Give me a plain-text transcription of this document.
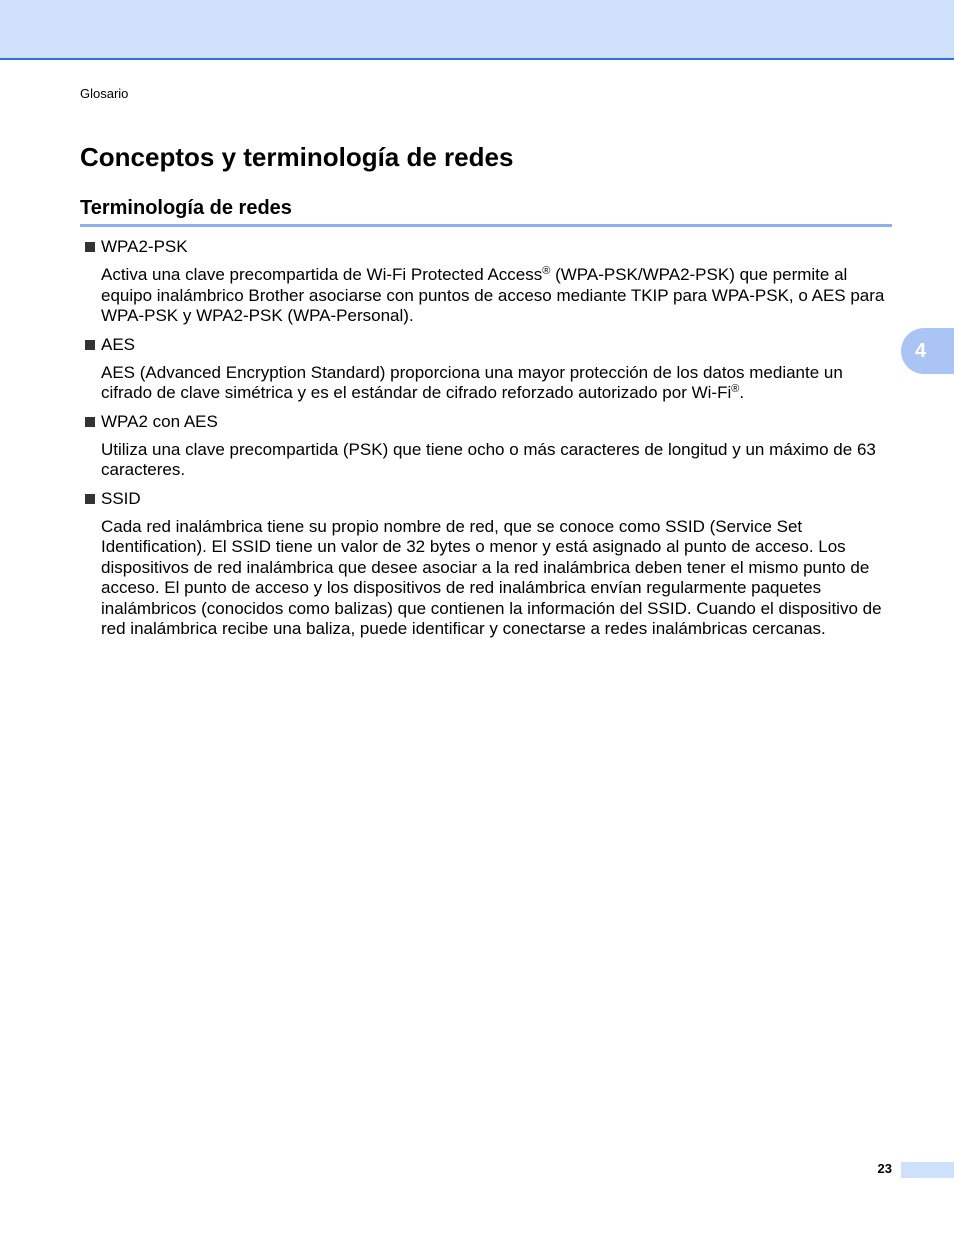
Glosario
Conceptos y terminología de redes
Terminología de redes
4

WPA2-PSK

Activa una clave precompartida de Wi-Fi Protected Access® (WPA-PSK/WPA2-PSK) que permite al equipo inalámbrico Brother asociarse con puntos de acceso mediante TKIP para WPA-PSK, o AES para WPA-PSK y WPA2-PSK (WPA-Personal).

AES

AES (Advanced Encryption Standard) proporciona una mayor protección de los datos mediante un cifrado de clave simétrica y es el estándar de cifrado reforzado autorizado por Wi-Fi®.

WPA2 con AES

Utiliza una clave precompartida (PSK) que tiene ocho o más caracteres de longitud y un máximo de 63 caracteres.

SSID

Cada red inalámbrica tiene su propio nombre de red, que se conoce como SSID (Service Set Identification). El SSID tiene un valor de 32 bytes o menor y está asignado al punto de acceso. Los dispositivos de red inalámbrica que desee asociar a la red inalámbrica deben tener el mismo punto de acceso. El punto de acceso y los dispositivos de red inalámbrica envían regularmente paquetes inalámbricos (conocidos como balizas) que contienen la información del SSID. Cuando el dispositivo de red inalámbrica recibe una baliza, puede identificar y conectarse a redes inalámbricas cercanas.

23
